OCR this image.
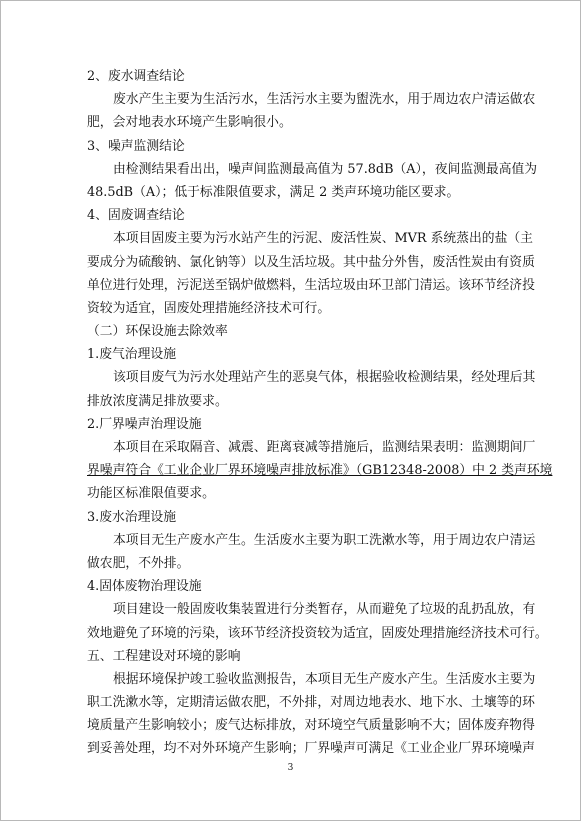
2、废水调查结论
废水产生主要为生活污水，生活污水主要为盥洗水，用于周边农户清运做农
肥，会对地表水环境产生影响很小。
3、噪声监测结论
由检测结果看出出，噪声间监测最高值为 57.8dB（A），夜间监测最高值为
48.5dB（A）；低于标准限值要求，满足 2 类声环境功能区要求。
4、固废调查结论
本项目固废主要为污水站产生的污泥、废活性炭、MVR 系统蒸出的盐（主
要成分为硫酸钠、氯化钠等）以及生活垃圾。其中盐分外售，废活性炭由有资质
单位进行处理，污泥送至锅炉做燃料，生活垃圾由环卫部门清运。该环节经济投
资较为适宜，固废处理措施经济技术可行。
（二）环保设施去除效率
1.废气治理设施
该项目废气为污水处理站产生的恶臭气体，根据验收检测结果，经处理后其
排放浓度满足排放要求。
2.厂界噪声治理设施
本项目在采取隔音、减震、距离衰减等措施后，监测结果表明：监测期间厂
界噪声符合《工业企业厂界环境噪声排放标准》（GB12348-2008）中 2 类声环境
功能区标准限值要求。
3.废水治理设施
本项目无生产废水产生。生活废水主要为职工洗漱水等，用于周边农户清运
做农肥，不外排。
4.固体废物治理设施
项目建设一般固废收集装置进行分类暂存，从而避免了垃圾的乱扔乱放，有
效地避免了环境的污染，该环节经济投资较为适宜，固废处理措施经济技术可行。
五、工程建设对环境的影响
根据环境保护竣工验收监测报告，本项目无生产废水产生。生活废水主要为
职工洗漱水等，定期清运做农肥，不外排，对周边地表水、地下水、土壤等的环
境质量产生影响较小；废气达标排放，对环境空气质量影响不大；固体废弃物得
到妥善处理，均不对外环境产生影响；厂界噪声可满足《工业企业厂界环境噪声
3
